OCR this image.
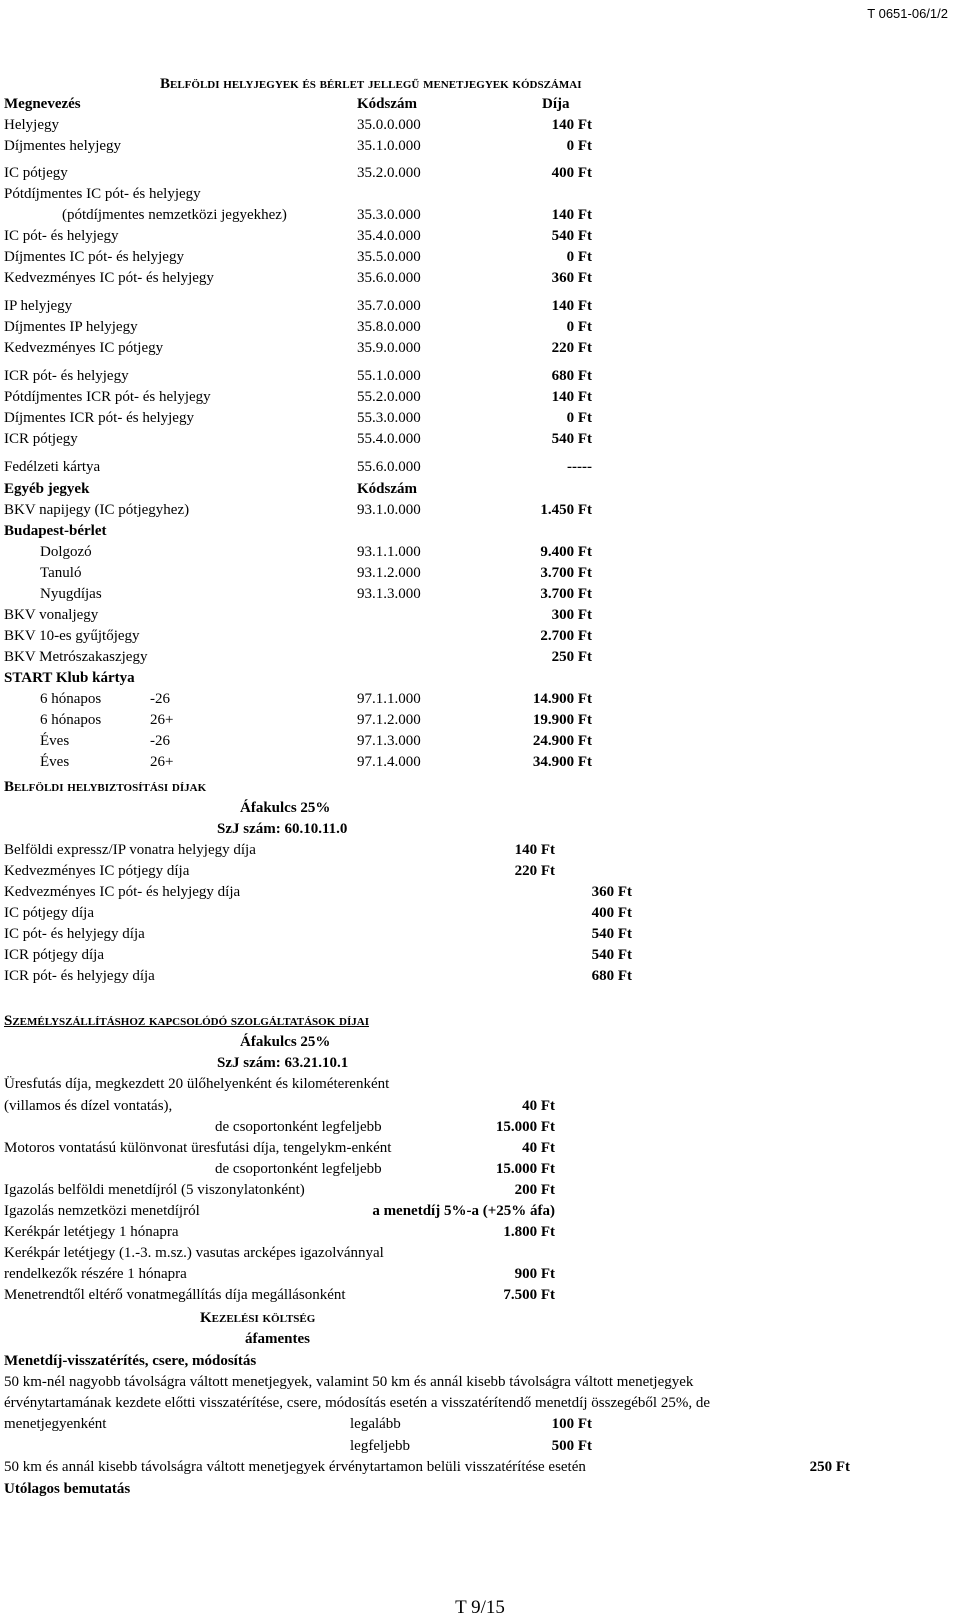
T 0651-06/1/2
Belföldi helyjegyek és bérlet jellegű menetjegyek kódszámai
Megnevezés	Kódszám	Díja
Helyjegy	35.0.0.000	140 Ft
Díjmentes helyjegy	35.1.0.000	0 Ft
IC pótjegy	35.2.0.000	400 Ft
Pótdíjmentes IC pót- és helyjegy
(pótdíjmentes nemzetközi jegyekhez)	35.3.0.000	140 Ft
IC pót- és helyjegy	35.4.0.000	540 Ft
Díjmentes IC pót- és helyjegy	35.5.0.000	0 Ft
Kedvezményes IC pót- és helyjegy	35.6.0.000	360 Ft
IP helyjegy	35.7.0.000	140 Ft
Díjmentes IP helyjegy	35.8.0.000	0 Ft
Kedvezményes IC pótjegy	35.9.0.000	220 Ft
ICR pót- és helyjegy	55.1.0.000	680 Ft
Pótdíjmentes ICR pót- és helyjegy	55.2.0.000	140 Ft
Díjmentes ICR pót- és helyjegy	55.3.0.000	0 Ft
ICR pótjegy	55.4.0.000	540 Ft
Fedélzeti kártya	55.6.0.000	-----
Egyéb jegyek	Kódszám
BKV napijegy (IC pótjegyhez)	93.1.0.000	1.450 Ft
Budapest-bérlet
Dolgozó	93.1.1.000	9.400 Ft
Tanuló	93.1.2.000	3.700 Ft
Nyugdíjas	93.1.3.000	3.700 Ft
BKV vonaljegy	300 Ft
BKV 10-es gyűjtőjegy	2.700 Ft
BKV Metrószakaszjegy	250 Ft
START Klub kártya
6 hónapos	-26	97.1.1.000	14.900 Ft
6 hónapos	26+	97.1.2.000	19.900 Ft
Éves	-26	97.1.3.000	24.900 Ft
Éves	26+	97.1.4.000	34.900 Ft
Belföldi helybiztosítási díjak
Áfakulcs 25%
SzJ szám: 60.10.11.0
Belföldi expressz/IP vonatra helyjegy díja	140 Ft
Kedvezményes IC pótjegy díja	220 Ft
Kedvezményes IC pót- és helyjegy díja	360 Ft
IC pótjegy díja	400 Ft
IC pót- és helyjegy díja	540 Ft
ICR pótjegy díja	540 Ft
ICR pót- és helyjegy díja	680 Ft
Személyszállításhoz kapcsolódó szolgáltatások díjai
Áfakulcs 25%
SzJ szám: 63.21.10.1
Üresfutás díja, megkezdett 20 ülőhelyenként és kilométerenként
(villamos és dízel vontatás),	40 Ft
de csoportonként legfeljebb	15.000 Ft
Motoros vontatású különvonat üresfutási díja, tengelykm-enként	40 Ft
de csoportonként legfeljebb	15.000 Ft
Igazolás belföldi menetdíjról (5 viszonylatonként)	200 Ft
Igazolás nemzetközi menetdíjról	a menetdíj 5%-a (+25% áfa)
Kerékpár letétjegy 1 hónapra	1.800 Ft
Kerékpár letétjegy (1.-3. m.sz.) vasutas arcképes igazolvánnyal
rendelkezők részére 1 hónapra	900 Ft
Menetrendtől eltérő vonatmegállítás díja megállásonként	7.500 Ft
Kezelési költség
áfamentes
Menetdíj-visszatérítés, csere, módosítás
50 km-nél nagyobb távolságra váltott menetjegyek, valamint 50 km és annál kisebb távolságra váltott menetjegyek
érvénytartamának kezdete előtti visszatérítése, csere, módosítás esetén a visszatérítendő menetdíj összegéből 25%, de
menetjegyenként	legalább	100 Ft
legfeljebb	500 Ft
50 km és annál kisebb távolságra váltott menetjegyek érvénytartamon belüli visszatérítése esetén	250 Ft
Utólagos bemutatás
T 9/15
